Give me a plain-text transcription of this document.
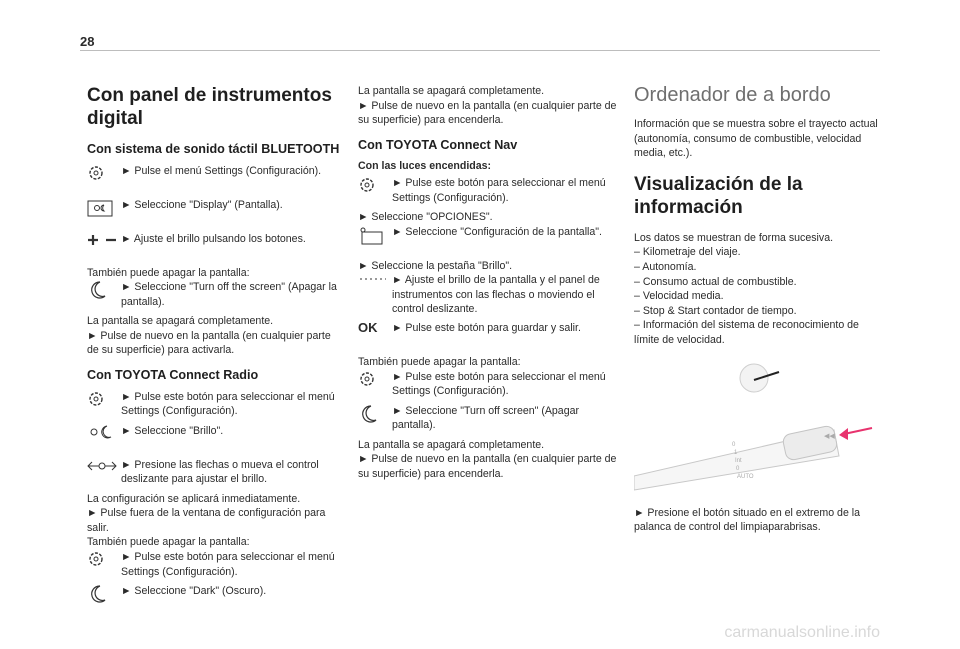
28
Con panel de instrumentos digital
Con sistema de sonido táctil BLUETOOTH

► Pulse el menú Settings (Configuración).

► Seleccione "Display" (Pantalla).

► Ajuste el brillo pulsando los botones.

También puede apagar la pantalla:

► Seleccione "Turn off the screen" (Apagar la pantalla).

La pantalla se apagará completamente.

► Pulse de nuevo en la pantalla (en cualquier parte de su superficie) para activarla.

Con TOYOTA Connect Radio

► Pulse este botón para seleccionar el menú Settings (Configuración).

► Seleccione "Brillo".

► Presione las flechas o mueva el control deslizante para ajustar el brillo.

La configuración se aplicará inmediatamente.

► Pulse fuera de la ventana de configuración para salir.

También puede apagar la pantalla:

► Pulse este botón para seleccionar el menú Settings (Configuración).

► Seleccione "Dark" (Oscuro).

La pantalla se apagará completamente.

► Pulse de nuevo en la pantalla (en cualquier parte de su superficie) para encenderla.

Con TOYOTA Connect Nav
Con las luces encendidas:

► Pulse este botón para seleccionar el menú Settings (Configuración).

► Seleccione "OPCIONES".

► Seleccione "Configuración de la pantalla".

► Seleccione la pestaña "Brillo".

► Ajuste el brillo de la pantalla y el panel de instrumentos con las flechas o moviendo el control deslizante.

OK ► Pulse este botón para guardar y salir.

También puede apagar la pantalla:

► Pulse este botón para seleccionar el menú Settings (Configuración).

► Seleccione "Turn off screen" (Apagar pantalla).

La pantalla se apagará completamente.

► Pulse de nuevo en la pantalla (en cualquier parte de su superficie) para encenderla.

Ordenador de a bordo

Información que se muestra sobre el trayecto actual (autonomía, consumo de combustible, velocidad media, etc.).

Visualización de la información

Los datos se muestran de forma sucesiva.

– Kilometraje del viaje.
– Autonomía.
– Consumo actual de combustible.
– Velocidad media.
– Stop & Start contador de tiempo.
– Información del sistema de reconocimiento de límite de velocidad.
◀◀
0
1
Int
0
AUTO

► Presione el botón situado en el extremo de la palanca de control del limpiaparabrisas.

carmanualsonline.info
